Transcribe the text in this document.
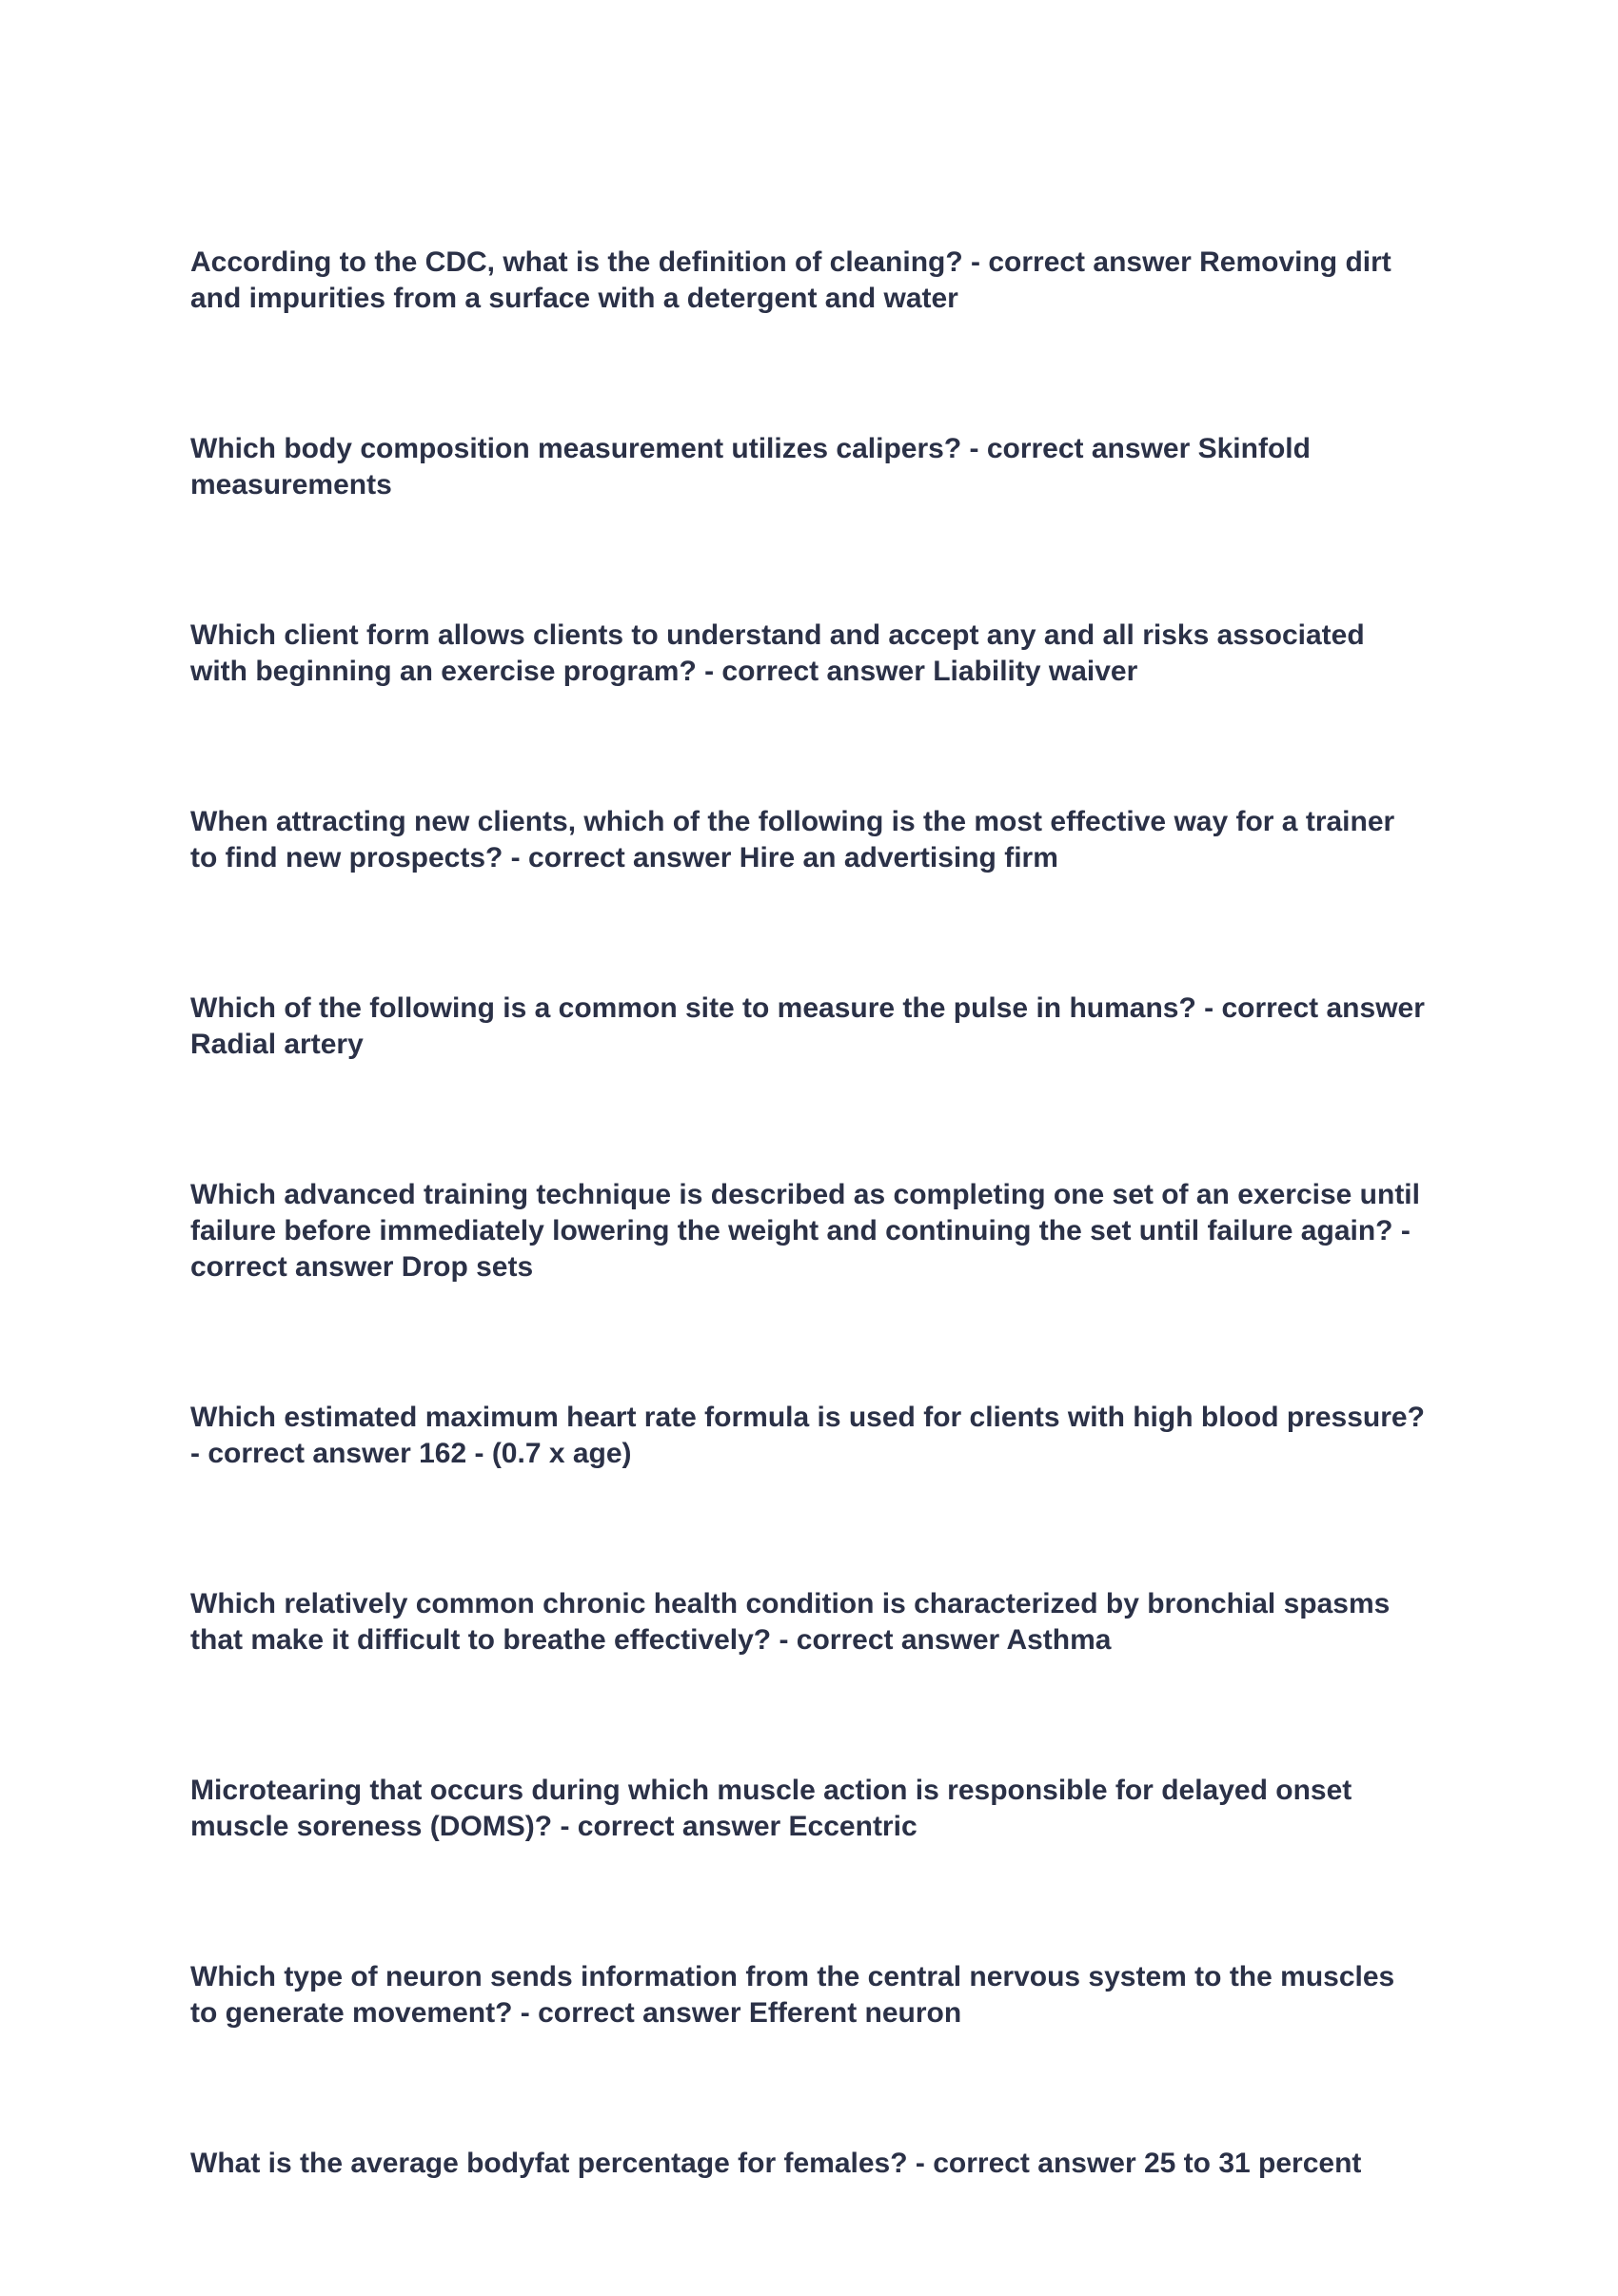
According to the CDC, what is the definition of cleaning? - correct answer Removing dirt and impurities from a surface with a detergent and water
Which body composition measurement utilizes calipers? - correct answer Skinfold measurements
Which client form allows clients to understand and accept any and all risks associated with beginning an exercise program? - correct answer Liability waiver
When attracting new clients, which of the following is the most effective way for a trainer to find new prospects? - correct answer Hire an advertising firm
Which of the following is a common site to measure the pulse in humans? - correct answer Radial artery
Which advanced training technique is described as completing one set of an exercise until failure before immediately lowering the weight and continuing the set until failure again? - correct answer Drop sets
Which estimated maximum heart rate formula is used for clients with high blood pressure? - correct answer 162 - (0.7 x age)
Which relatively common chronic health condition is characterized by bronchial spasms that make it difficult to breathe effectively? - correct answer Asthma
Microtearing that occurs during which muscle action is responsible for delayed onset muscle soreness (DOMS)? - correct answer Eccentric
Which type of neuron sends information from the central nervous system to the muscles to generate movement? - correct answer Efferent neuron
What is the average bodyfat percentage for females? - correct answer 25 to 31 percent
